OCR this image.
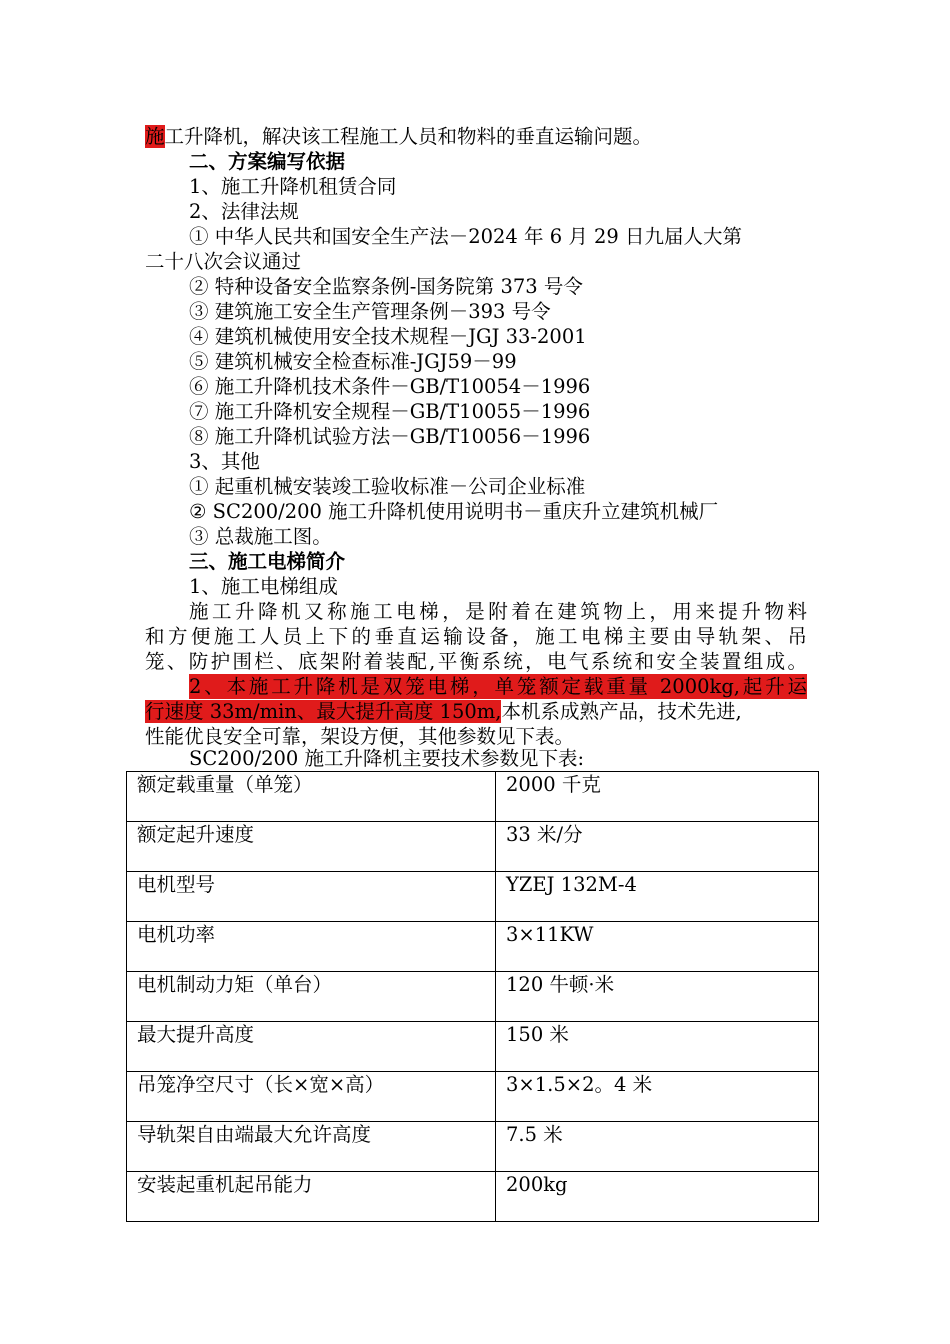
施工升降机，解决该工程施工人员和物料的垂直运输问题。
二、方案编写依据
1、施工升降机租赁合同
2、法律法规
① 中华人民共和国安全生产法－2024 年 6 月 29 日九届人大第
二十八次会议通过
② 特种设备安全监察条例-国务院第 373 号令
③ 建筑施工安全生产管理条例－393 号令
④ 建筑机械使用安全技术规程－JGJ 33-2001
⑤ 建筑机械安全检查标准-JGJ59－99
⑥ 施工升降机技术条件－GB/T10054－1996
⑦ 施工升降机安全规程－GB/T10055－1996
⑧ 施工升降机试验方法－GB/T10056－1996
3、其他
① 起重机械安装竣工验收标准－公司企业标准
② SC200/200 施工升降机使用说明书－重庆升立建筑机械厂
③ 总裁施工图。
三、施工电梯简介
1、施工电梯组成
施工升降机又称施工电梯，是附着在建筑物上，用来提升物料
和方便施工人员上下的垂直运输设备，施工电梯主要由导轨架、吊
笼、防护围栏、底架附着装配,平衡系统，电气系统和安全装置组成。
2、本施工升降机是双笼电梯，单笼额定载重量 2000kg,起升运
行速度 33m/min、最大提升高度 150m,本机系成熟产品，技术先进,
性能优良安全可靠，架设方便，其他参数见下表。
SC200/200 施工升降机主要技术参数见下表:
额定载重量（单笼）	2000 千克
额定起升速度	33 米/分
电机型号	YZEJ 132M-4
电机功率	3×11KW
电机制动力矩（单台）	120 牛顿·米
最大提升高度	150 米
吊笼净空尺寸（长×宽×高）	3×1.5×2。4 米
导轨架自由端最大允许高度	7.5 米
安装起重机起吊能力	200kg
